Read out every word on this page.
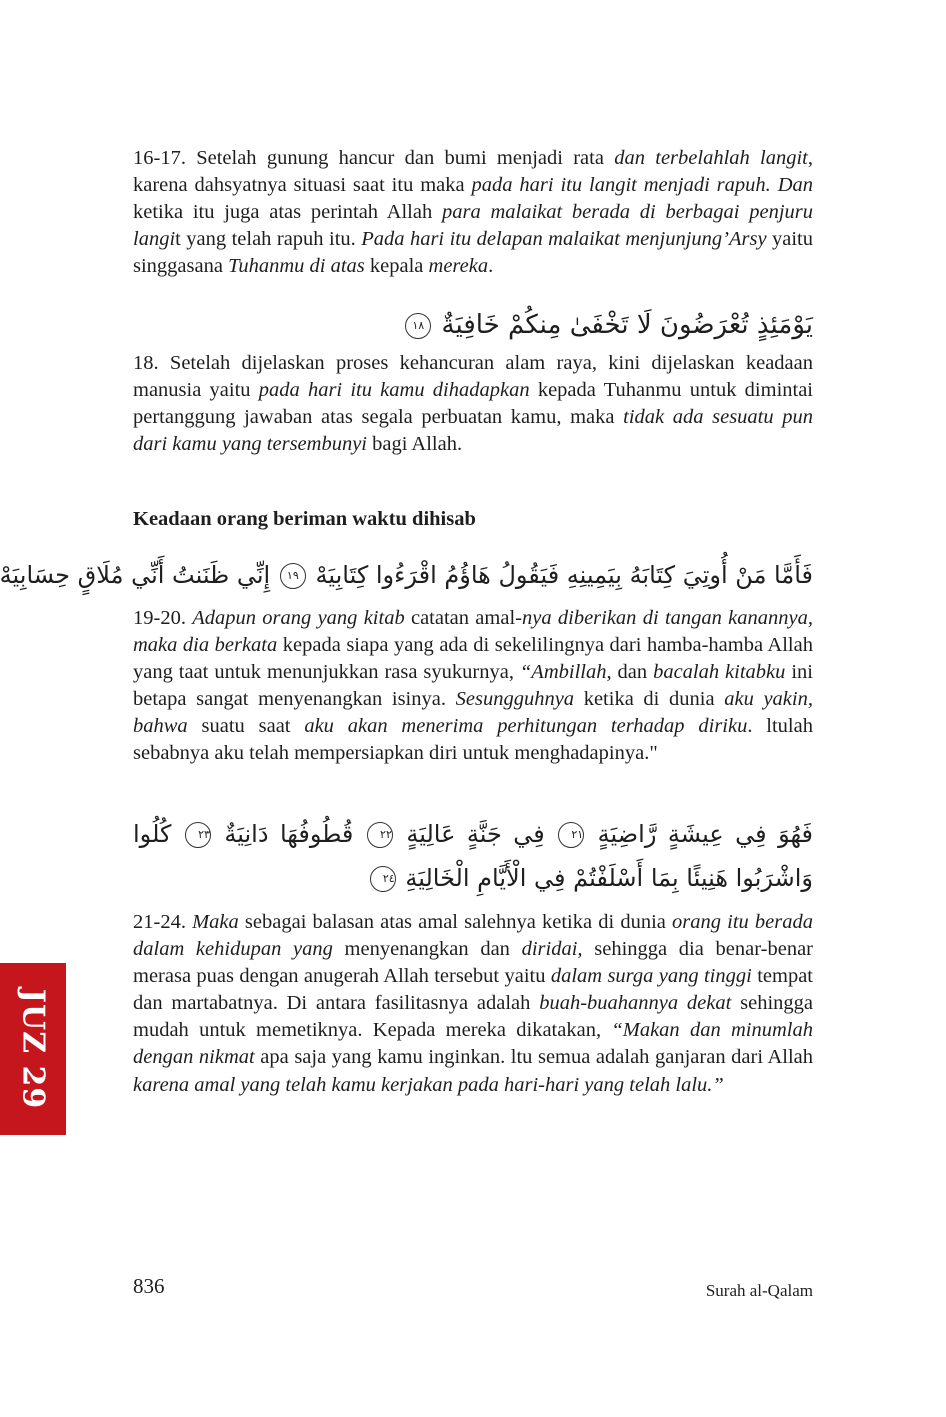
16-17. Setelah gunung hancur dan bumi menjadi rata dan terbelahlah langit, karena dahsyatnya situasi saat itu maka pada hari itu langit menjadi rapuh. Dan ketika itu juga atas perintah Allah para malaikat berada di berbagai penjuru langit yang telah rapuh itu. Pada hari itu delapan malaikat menjunjung’Arsy yaitu singgasana Tuhanmu di atas kepala mereka.

يَوْمَئِذٍ تُعْرَضُونَ لَا تَخْفَىٰ مِنكُمْ خَافِيَةٌ ١٨

18. Setelah dijelaskan proses kehancuran alam raya, kini dijelaskan keadaan manusia yaitu pada hari itu kamu dihadapkan kepada Tuhanmu untuk dimintai pertanggung jawaban atas segala perbuatan kamu, maka tidak ada sesuatu pun dari kamu yang tersembunyi bagi Allah.

Keadaan orang beriman waktu dihisab

فَأَمَّا مَنْ أُوتِيَ كِتَابَهُ بِيَمِينِهِ فَيَقُولُ هَاؤُمُ اقْرَءُوا كِتَابِيَهْ ١٩ إِنِّي ظَنَنتُ أَنِّي مُلَاقٍ حِسَابِيَهْ

19-20. Adapun orang yang kitab catatan amal-nya diberikan di tangan kanannya, maka dia berkata kepada siapa yang ada di sekelilingnya dari hamba-hamba Allah yang taat untuk menunjukkan rasa syukurnya, “Ambillah, dan bacalah kitabku ini betapa sangat menyenangkan isinya. Sesungguhnya ketika di dunia aku yakin, bahwa suatu saat aku akan menerima perhitungan terhadap diriku. ltulah sebabnya aku telah mempersiapkan diri untuk menghadapinya."

فَهُوَ فِي عِيشَةٍ رَّاضِيَةٍ ٢١ فِي جَنَّةٍ عَالِيَةٍ ٢٢ قُطُوفُهَا دَانِيَةٌ ٢٣ كُلُوا وَاشْرَبُوا هَنِيئًا بِمَا أَسْلَفْتُمْ فِي الْأَيَّامِ الْخَالِيَةِ ٢٤

21-24. Maka sebagai balasan atas amal salehnya ketika di dunia orang itu berada dalam kehidupan yang menyenangkan dan diridai, sehingga dia benar-benar merasa puas dengan anugerah Allah tersebut yaitu dalam surga yang tinggi tempat dan martabatnya. Di antara fasilitasnya adalah buah-buahannya dekat sehingga mudah untuk memetiknya. Kepada mereka dikatakan, “Makan dan minumlah dengan nikmat apa saja yang kamu inginkan. ltu semua adalah ganjaran dari Allah karena amal yang telah kamu kerjakan pada hari-hari yang telah lalu.”

JUZ 29
836	Surah al-Qalam
